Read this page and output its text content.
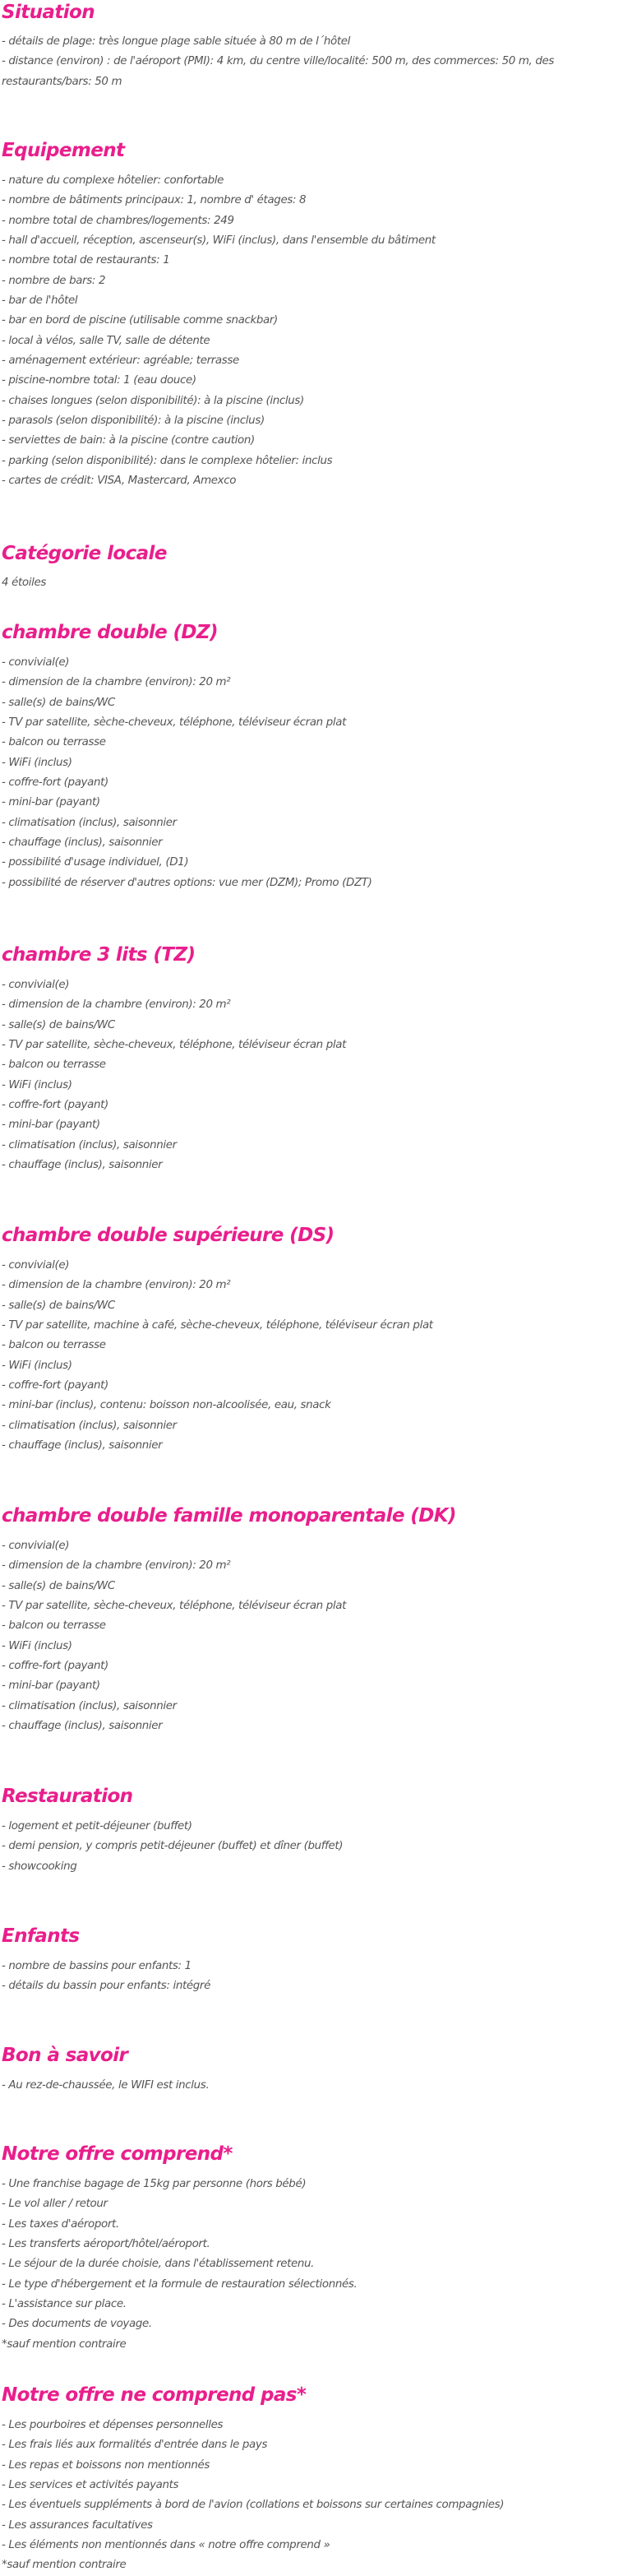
Situation
- détails de plage: très longue plage sable située à 80 m de l´hôtel
- distance (environ) : de l'aéroport (PMI): 4 km, du centre ville/localité: 500 m, des commerces: 50 m, des restaurants/bars: 50 m
Equipement
- nature du complexe hôtelier: confortable
- nombre de bâtiments principaux: 1, nombre d' étages: 8
- nombre total de chambres/logements: 249
- hall d'accueil, réception, ascenseur(s), WiFi (inclus), dans l'ensemble du bâtiment
- nombre total de restaurants: 1
- nombre de bars: 2
- bar de l'hôtel
- bar en bord de piscine (utilisable comme snackbar)
- local à vélos, salle TV, salle de détente
- aménagement extérieur: agréable; terrasse
- piscine-nombre total: 1 (eau douce)
- chaises longues (selon disponibilité): à la piscine (inclus)
- parasols (selon disponibilité): à la piscine (inclus)
- serviettes de bain: à la piscine (contre caution)
- parking (selon disponibilité): dans le complexe hôtelier: inclus
- cartes de crédit: VISA, Mastercard, Amexco
Catégorie locale
4 étoiles
chambre double (DZ)
- convivial(e)
- dimension de la chambre (environ): 20 m²
- salle(s) de bains/WC
- TV par satellite, sèche-cheveux, téléphone, téléviseur écran plat
- balcon ou terrasse
- WiFi (inclus)
- coffre-fort (payant)
- mini-bar (payant)
- climatisation (inclus), saisonnier
- chauffage (inclus), saisonnier
- possibilité d'usage individuel, (D1)
- possibilité de réserver d'autres options: vue mer (DZM); Promo (DZT)
chambre 3 lits (TZ)
- convivial(e)
- dimension de la chambre (environ): 20 m²
- salle(s) de bains/WC
- TV par satellite, sèche-cheveux, téléphone, téléviseur écran plat
- balcon ou terrasse
- WiFi (inclus)
- coffre-fort (payant)
- mini-bar (payant)
- climatisation (inclus), saisonnier
- chauffage (inclus), saisonnier
chambre double supérieure (DS)
- convivial(e)
- dimension de la chambre (environ): 20 m²
- salle(s) de bains/WC
- TV par satellite, machine à café, sèche-cheveux, téléphone, téléviseur écran plat
- balcon ou terrasse
- WiFi (inclus)
- coffre-fort (payant)
- mini-bar (inclus), contenu: boisson non-alcoolisée, eau, snack
- climatisation (inclus), saisonnier
- chauffage (inclus), saisonnier
chambre double famille monoparentale (DK)
- convivial(e)
- dimension de la chambre (environ): 20 m²
- salle(s) de bains/WC
- TV par satellite, sèche-cheveux, téléphone, téléviseur écran plat
- balcon ou terrasse
- WiFi (inclus)
- coffre-fort (payant)
- mini-bar (payant)
- climatisation (inclus), saisonnier
- chauffage (inclus), saisonnier
Restauration
- logement et petit-déjeuner (buffet)
- demi pension, y compris petit-déjeuner (buffet) et dîner (buffet)
- showcooking
Enfants
- nombre de bassins pour enfants: 1
- détails du bassin pour enfants: intégré
Bon à savoir
- Au rez-de-chaussée, le WIFI est inclus.
Notre offre comprend*
- Une franchise bagage de 15kg par personne (hors bébé)
- Le vol aller / retour
- Les taxes d'aéroport.
- Les transferts aéroport/hôtel/aéroport.
- Le séjour de la durée choisie, dans l'établissement retenu.
- Le type d'hébergement et la formule de restauration sélectionnés.
- L'assistance sur place.
- Des documents de voyage.
*sauf mention contraire
Notre offre ne comprend pas*
- Les pourboires et dépenses personnelles
- Les frais liés aux formalités d'entrée dans le pays
- Les repas et boissons non mentionnés
- Les services et activités payants
- Les éventuels suppléments à bord de l'avion (collations et boissons sur certaines compagnies)
- Les assurances facultatives
- Les éléments non mentionnés dans « notre offre comprend »
*sauf mention contraire
